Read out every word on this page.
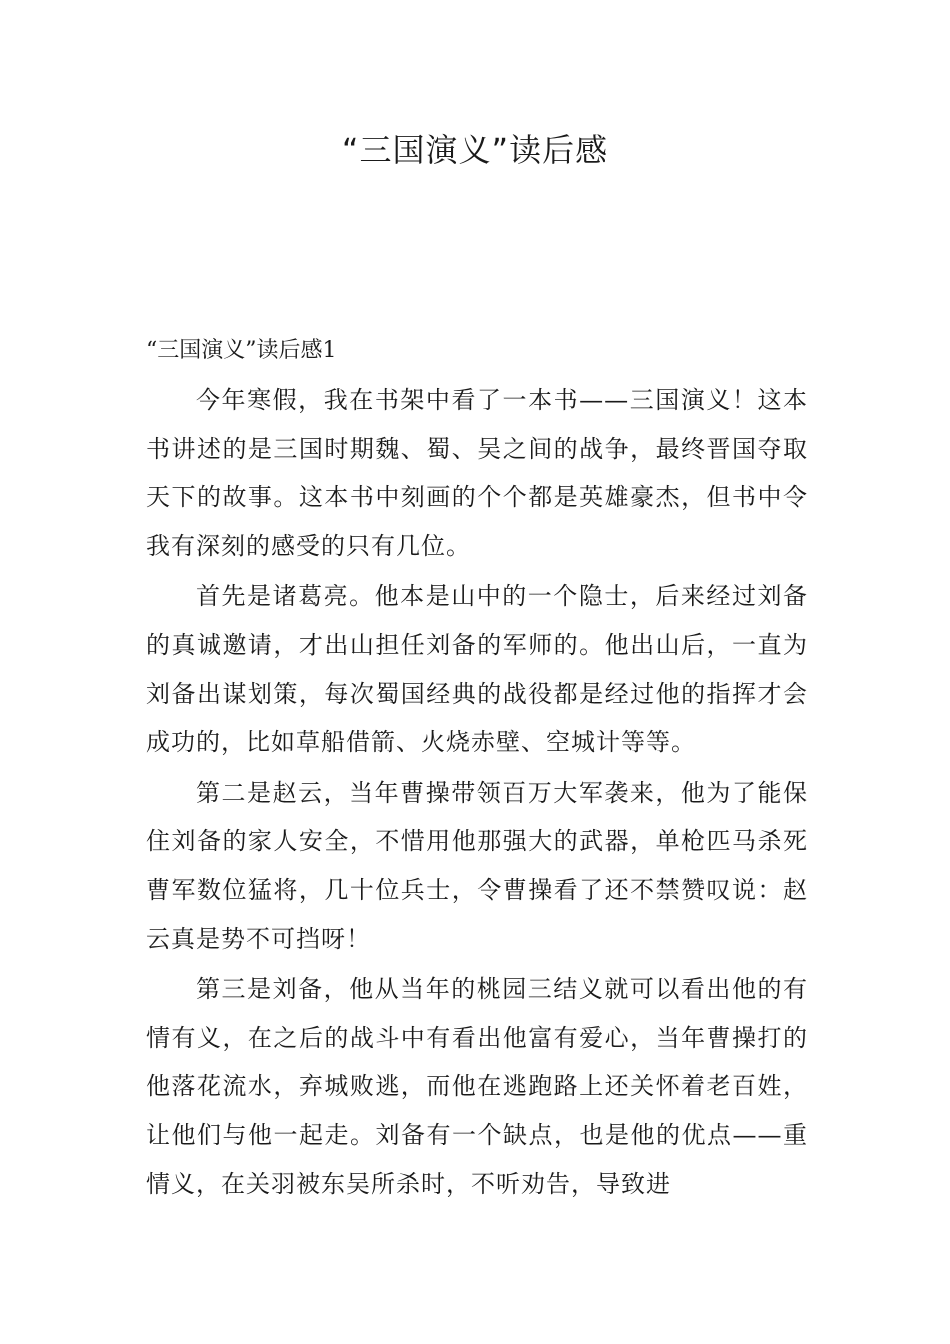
“三国演义”读后感

“三国演义”读后感1

今年寒假，我在书架中看了一本书——三国演义！这本书讲述的是三国时期魏、蜀、吴之间的战争，最终晋国夺取天下的故事。这本书中刻画的个个都是英雄豪杰，但书中令我有深刻的感受的只有几位。

首先是诸葛亮。他本是山中的一个隐士，后来经过刘备的真诚邀请，才出山担任刘备的军师的。他出山后，一直为刘备出谋划策，每次蜀国经典的战役都是经过他的指挥才会成功的，比如草船借箭、火烧赤壁、空城计等等。

第二是赵云，当年曹操带领百万大军袭来，他为了能保住刘备的家人安全，不惜用他那强大的武器，单枪匹马杀死曹军数位猛将，几十位兵士，令曹操看了还不禁赞叹说：赵云真是势不可挡呀！

第三是刘备，他从当年的桃园三结义就可以看出他的有情有义，在之后的战斗中有看出他富有爱心，当年曹操打的他落花流水，弃城败逃，而他在逃跑路上还关怀着老百姓，让他们与他一起走。刘备有一个缺点，也是他的优点——重情义，在关羽被东吴所杀时，不听劝告，导致进
